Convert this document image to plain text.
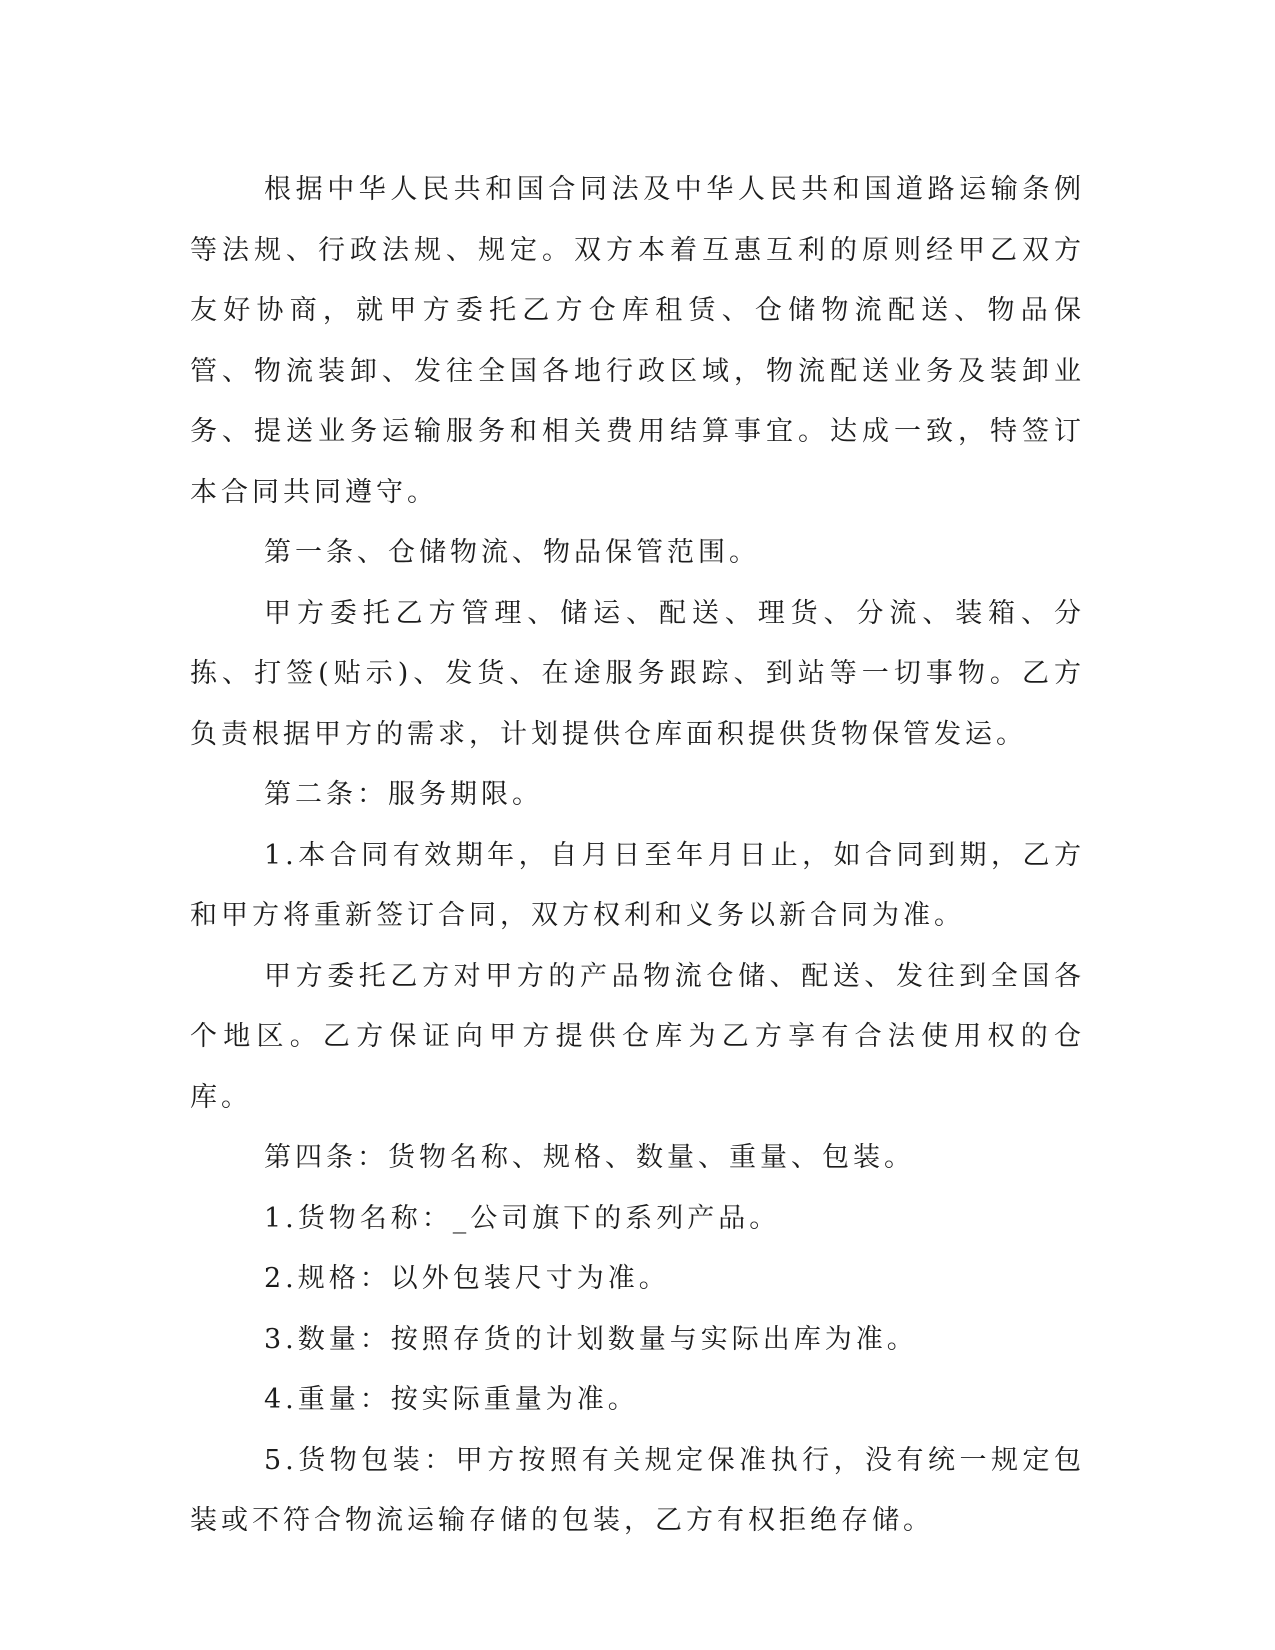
根据中华人民共和国合同法及中华人民共和国道路运输条例等法规、行政法规、规定。双方本着互惠互利的原则经甲乙双方友好协商，就甲方委托乙方仓库租赁、仓储物流配送、物品保管、物流装卸、发往全国各地行政区域，物流配送业务及装卸业务、提送业务运输服务和相关费用结算事宜。达成一致，特签订本合同共同遵守。

第一条、仓储物流、物品保管范围。

甲方委托乙方管理、储运、配送、理货、分流、装箱、分拣、打签(贴示)、发货、在途服务跟踪、到站等一切事物。乙方负责根据甲方的需求，计划提供仓库面积提供货物保管发运。

第二条：服务期限。

1.本合同有效期年，自月日至年月日止，如合同到期，乙方和甲方将重新签订合同，双方权利和义务以新合同为准。

甲方委托乙方对甲方的产品物流仓储、配送、发往到全国各个地区。乙方保证向甲方提供仓库为乙方享有合法使用权的仓库。

第四条：货物名称、规格、数量、重量、包装。

1.货物名称：_公司旗下的系列产品。

2.规格：以外包装尺寸为准。

3.数量：按照存货的计划数量与实际出库为准。

4.重量：按实际重量为准。

5.货物包装：甲方按照有关规定保准执行，没有统一规定包装或不符合物流运输存储的包装，乙方有权拒绝存储。
